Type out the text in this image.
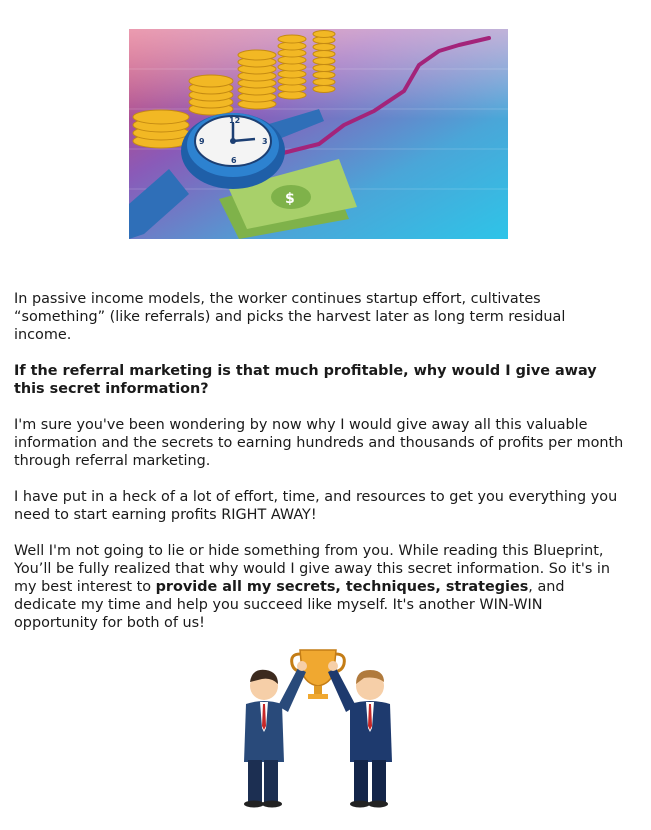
$
12
3
6
9

In passive income models, the worker continues startup effort, cultivates “something” (like referrals) and picks the harvest later as long term residual income.

If the referral marketing is that much profitable, why would I give away this secret information?

I'm sure you've been wondering by now why I would give away all this valuable information and the secrets to earning hundreds and thousands of profits per month through referral marketing.

I have put in a heck of a lot of effort, time, and resources to get you everything you need to start earning profits RIGHT AWAY!

Well I'm not going to lie or hide something from you. While reading this Blueprint, You’ll be fully realized that why would I give away this secret information. So it's in my best interest to provide all my secrets, techniques, strategies, and dedicate my time and help you succeed like myself. It's another WIN-WIN opportunity for both of us!
